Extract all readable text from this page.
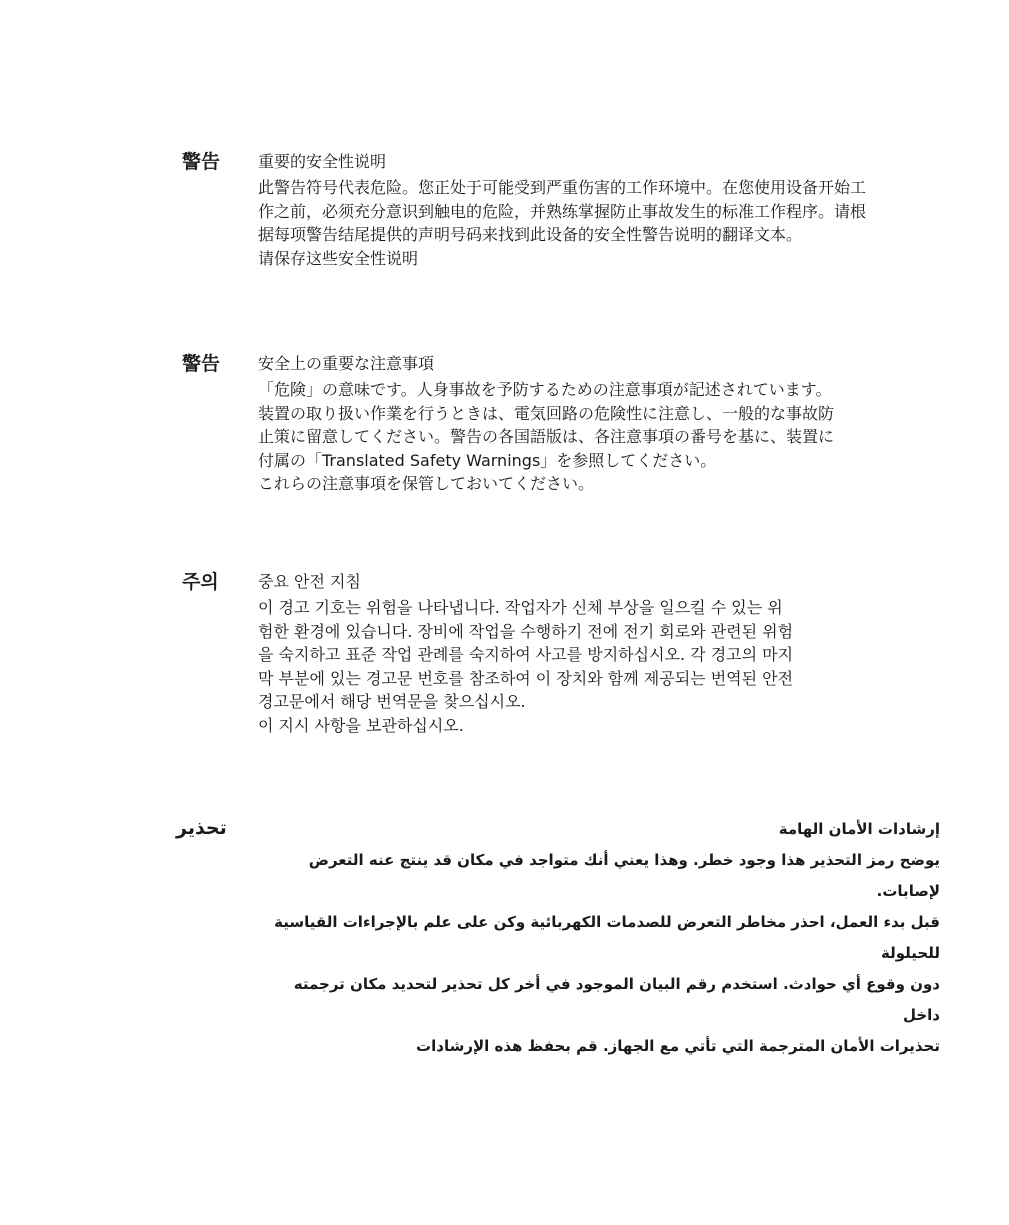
警告 重要的安全性说明

此警告符号代表危险。您正处于可能受到严重伤害的工作环境中。在您使用设备开始工
作之前，必须充分意识到触电的危险，并熟练掌握防止事故发生的标准工作程序。请根
据每项警告结尾提供的声明号码来找到此设备的安全性警告说明的翻译文本。

请保存这些安全性说明

警告 安全上の重要な注意事項

「危険」の意味です。人身事故を予防するための注意事項が記述されています。
装置の取り扱い作業を行うときは、電気回路の危険性に注意し、一般的な事故防
止策に留意してください。警告の各国語版は、各注意事項の番号を基に、装置に
付属の「Translated Safety Warnings」を参照してください。

これらの注意事項を保管しておいてください。

주의 중요 안전 지침

이 경고 기호는 위험을 나타냅니다. 작업자가 신체 부상을 일으킬 수 있는 위
험한 환경에 있습니다. 장비에 작업을 수행하기 전에 전기 회로와 관련된 위험
을 숙지하고 표준 작업 관례를 숙지하여 사고를 방지하십시오. 각 경고의 마지
막 부분에 있는 경고문 번호를 참조하여 이 장치와 함께 제공되는 번역된 안전
경고문에서 해당 번역문을 찾으십시오.

이 지시 사항을 보관하십시오.

تحذير	إرشادات الأمان الهامة
يوضح رمز التحذير هذا وجود خطر. وهذا يعني أنك متواجد في مكان قد ينتج عنه التعرض لإصابات.
قبل بدء العمل، احذر مخاطر التعرض للصدمات الكهربائية وكن على علم بالإجراءات القياسية للحيلولة
دون وقوع أي حوادث. استخدم رقم البيان الموجود في أخر كل تحذير لتحديد مكان ترجمته داخل
تحذيرات الأمان المترجمة التي تأتي مع الجهاز. قم بحفظ هذه الإرشادات
